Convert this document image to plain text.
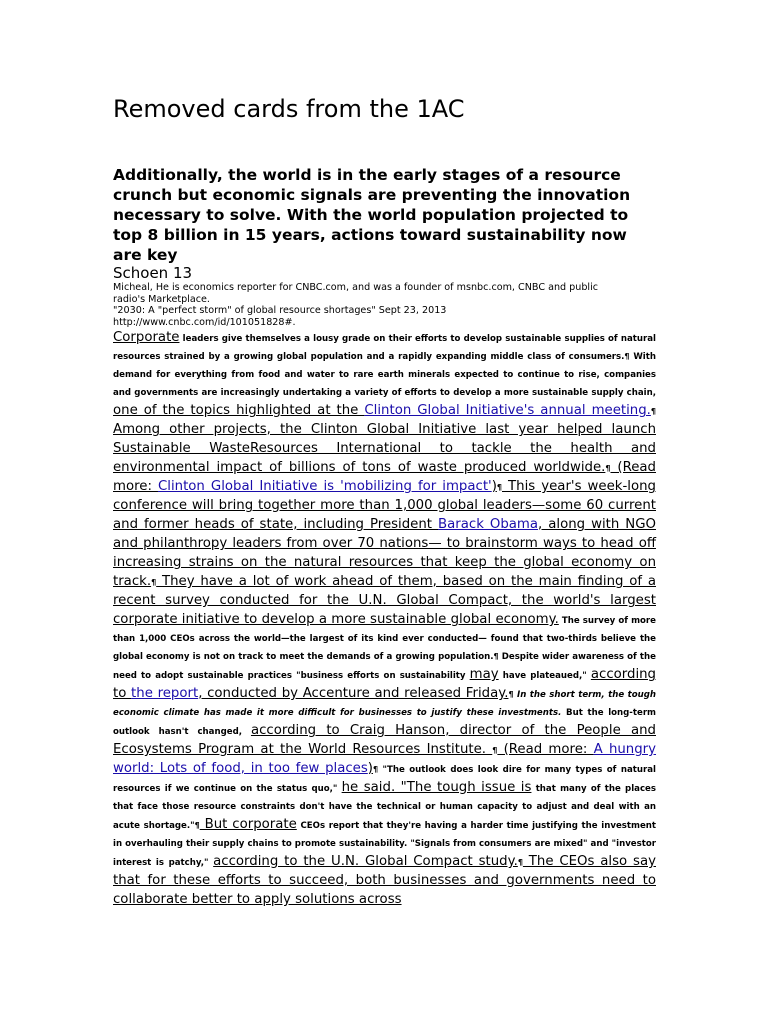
Removed cards from the 1AC

Additionally, the world is in the early stages of a resource crunch but economic signals are preventing the innovation necessary to solve. With the world population projected to top 8 billion in 15 years, actions toward sustainability now are key

Schoen 13
Micheal, He is economics reporter for CNBC.com, and was a founder of msnbc.com, CNBC and public
radio's Marketplace.
"2030: A "perfect storm" of global resource shortages" Sept 23, 2013
http://www.cnbc.com/id/101051828#.
Corporate leaders give themselves a lousy grade on their efforts to develop sustainable supplies of natural resources strained by a growing global population and a rapidly expanding middle class of consumers.¶ With demand for everything from food and water to rare earth minerals expected to continue to rise, companies and governments are increasingly undertaking a variety of efforts to develop a more sustainable supply chain, one of the topics highlighted at the Clinton Global Initiative's annual meeting.¶ Among other projects, the Clinton Global Initiative last year helped launch Sustainable WasteResources International to tackle the health and environmental impact of billions of tons of waste produced worldwide.¶ (Read more: Clinton Global Initiative is 'mobilizing for impact')¶ This year's week-long conference will bring together more than 1,000 global leaders—some 60 current and former heads of state, including President Barack Obama, along with NGO and philanthropy leaders from over 70 nations— to brainstorm ways to head off increasing strains on the natural resources that keep the global economy on track.¶ They have a lot of work ahead of them, based on the main finding of a recent survey conducted for the U.N. Global Compact, the world's largest corporate initiative to develop a more sustainable global economy. The survey of more than 1,000 CEOs across the world—the largest of its kind ever conducted— found that two-thirds believe the global economy is not on track to meet the demands of a growing population.¶ Despite wider awareness of the need to adopt sustainable practices "business efforts on sustainability may have plateaued," according to the report, conducted by Accenture and released Friday.¶ In the short term, the tough economic climate has made it more difficult for businesses to justify these investments. But the long-term outlook hasn't changed, according to Craig Hanson, director of the People and Ecosystems Program at the World Resources Institute. ¶ (Read more: A hungry world: Lots of food, in too few places)¶ "The outlook does look dire for many types of natural resources if we continue on the status quo," he said. "The tough issue is that many of the places that face those resource constraints don't have the technical or human capacity to adjust and deal with an acute shortage."¶ But corporate CEOs report that they're having a harder time justifying the investment in overhauling their supply chains to promote sustainability. "Signals from consumers are mixed" and "investor interest is patchy," according to the U.N. Global Compact study.¶ The CEOs also say that for these efforts to succeed, both businesses and governments need to collaborate better to apply solutions across
